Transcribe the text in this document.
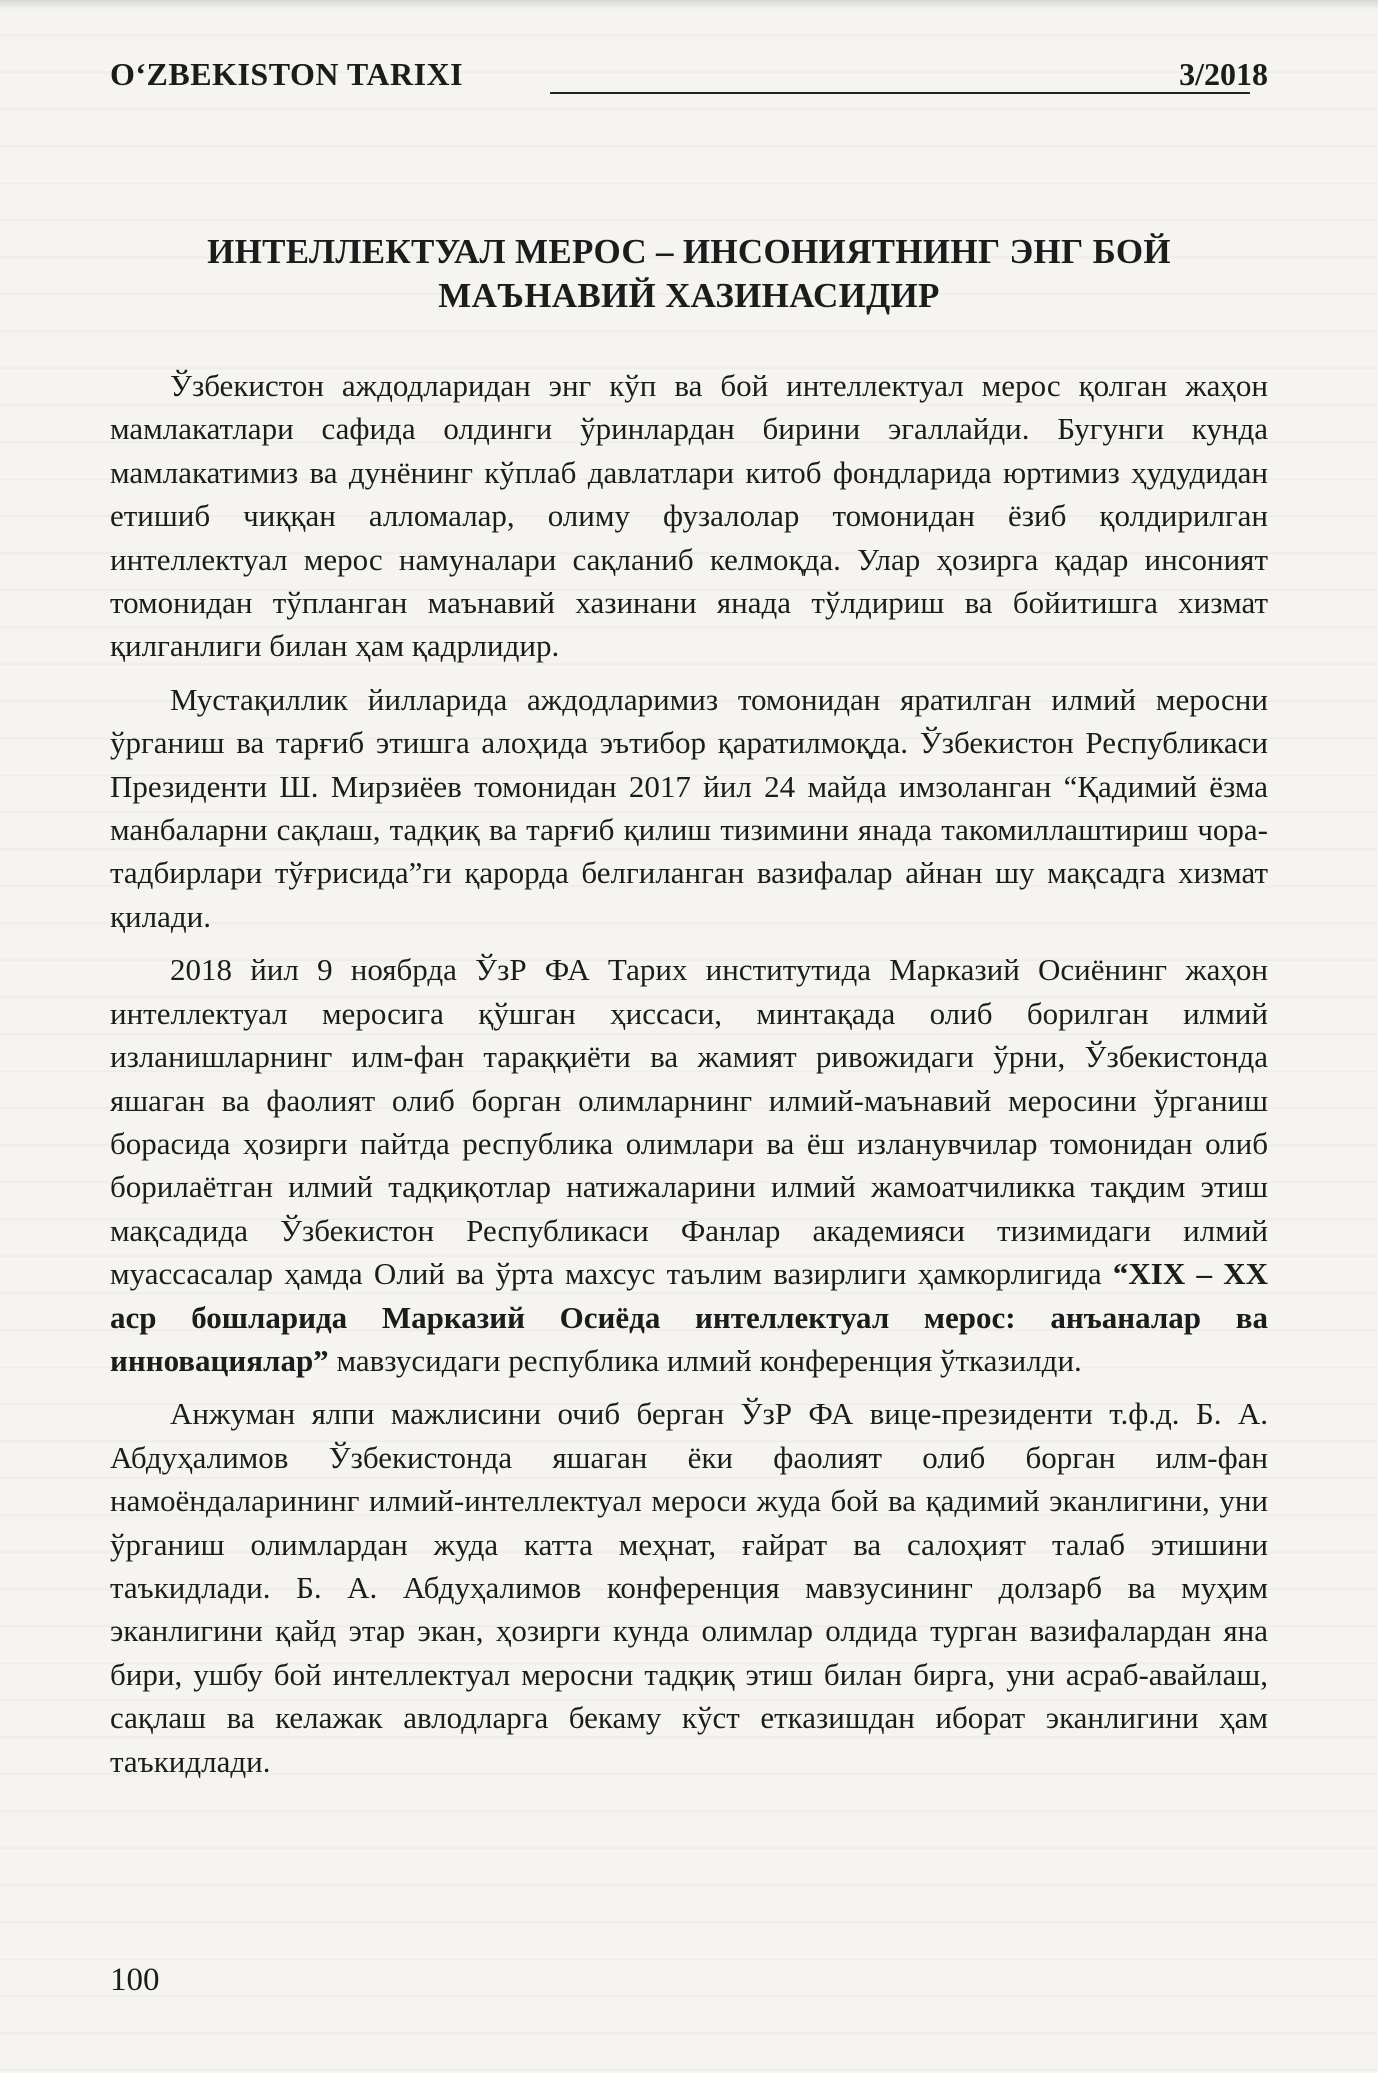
O‘ZBEKISTON TARIXI	3/2018
ИНТЕЛЛЕКТУАЛ МЕРОС – ИНСОНИЯТНИНГ ЭНГ БОЙ
МАЪНАВИЙ ХАЗИНАСИДИР

Ўзбекистон аждодларидан энг кўп ва бой интеллектуал мерос қолган жаҳон мамлакатлари сафида олдинги ўринлардан бирини эгаллайди. Бугунги кунда мамлакатимиз ва дунёнинг кўплаб давлатлари китоб фондларида юртимиз ҳудудидан етишиб чиққан алломалар, олиму фузалолар томонидан ёзиб қолдирилган интеллектуал мерос намуналари сақланиб келмоқда. Улар ҳозирга қадар инсоният томонидан тўпланган маънавий хазинани янада тўлдириш ва бойитишга хизмат қилганлиги билан ҳам қадрлидир.

Мустақиллик йилларида аждодларимиз томонидан яратилган илмий меросни ўрганиш ва тарғиб этишга алоҳида эътибор қаратилмоқда. Ўзбекистон Республикаси Президенти Ш. Мирзиёев томонидан 2017 йил 24 майда имзоланган “Қадимий ёзма манбаларни сақлаш, тадқиқ ва тарғиб қилиш тизимини янада такомиллаштириш чора-тадбирлари тўғрисида”ги қарорда белгиланган вазифалар айнан шу мақсадга хизмат қилади.

2018 йил 9 ноябрда ЎзР ФА Тарих институтида Марказий Осиёнинг жаҳон интеллектуал меросига қўшган ҳиссаси, минтақада олиб борилган илмий изланишларнинг илм-фан тараққиёти ва жамият ривожидаги ўрни, Ўзбекистонда яшаган ва фаолият олиб борган олимларнинг илмий-маънавий меросини ўрганиш борасида ҳозирги пайтда республика олимлари ва ёш изланувчилар томонидан олиб борилаётган илмий тадқиқотлар натижаларини илмий жамоатчиликка тақдим этиш мақсадида Ўзбекистон Республикаси Фанлар академияси тизимидаги илмий муассасалар ҳамда Олий ва ўрта махсус таълим вазирлиги ҳамкорлигида “XIX – XX аср бошларида Марказий Осиёда интеллектуал мерос: анъаналар ва инновациялар” мавзусидаги республика илмий конференция ўтказилди.

Анжуман ялпи мажлисини очиб берган ЎзР ФА вице-президенти т.ф.д. Б. А. Абдуҳалимов Ўзбекистонда яшаган ёки фаолият олиб борган илм-фан намоёндаларининг илмий-интеллектуал мероси жуда бой ва қадимий эканлигини, уни ўрганиш олимлардан жуда катта меҳнат, ғайрат ва салоҳият талаб этишини таъкидлади. Б. А. Абдуҳалимов конференция мавзусининг долзарб ва муҳим эканлигини қайд этар экан, ҳозирги кунда олимлар олдида турган вазифалардан яна бири, ушбу бой интеллектуал меросни тадқиқ этиш билан бирга, уни асраб-авайлаш, сақлаш ва келажак авлодларга бекаму кўст етказишдан иборат эканлигини ҳам таъкидлади.

100
